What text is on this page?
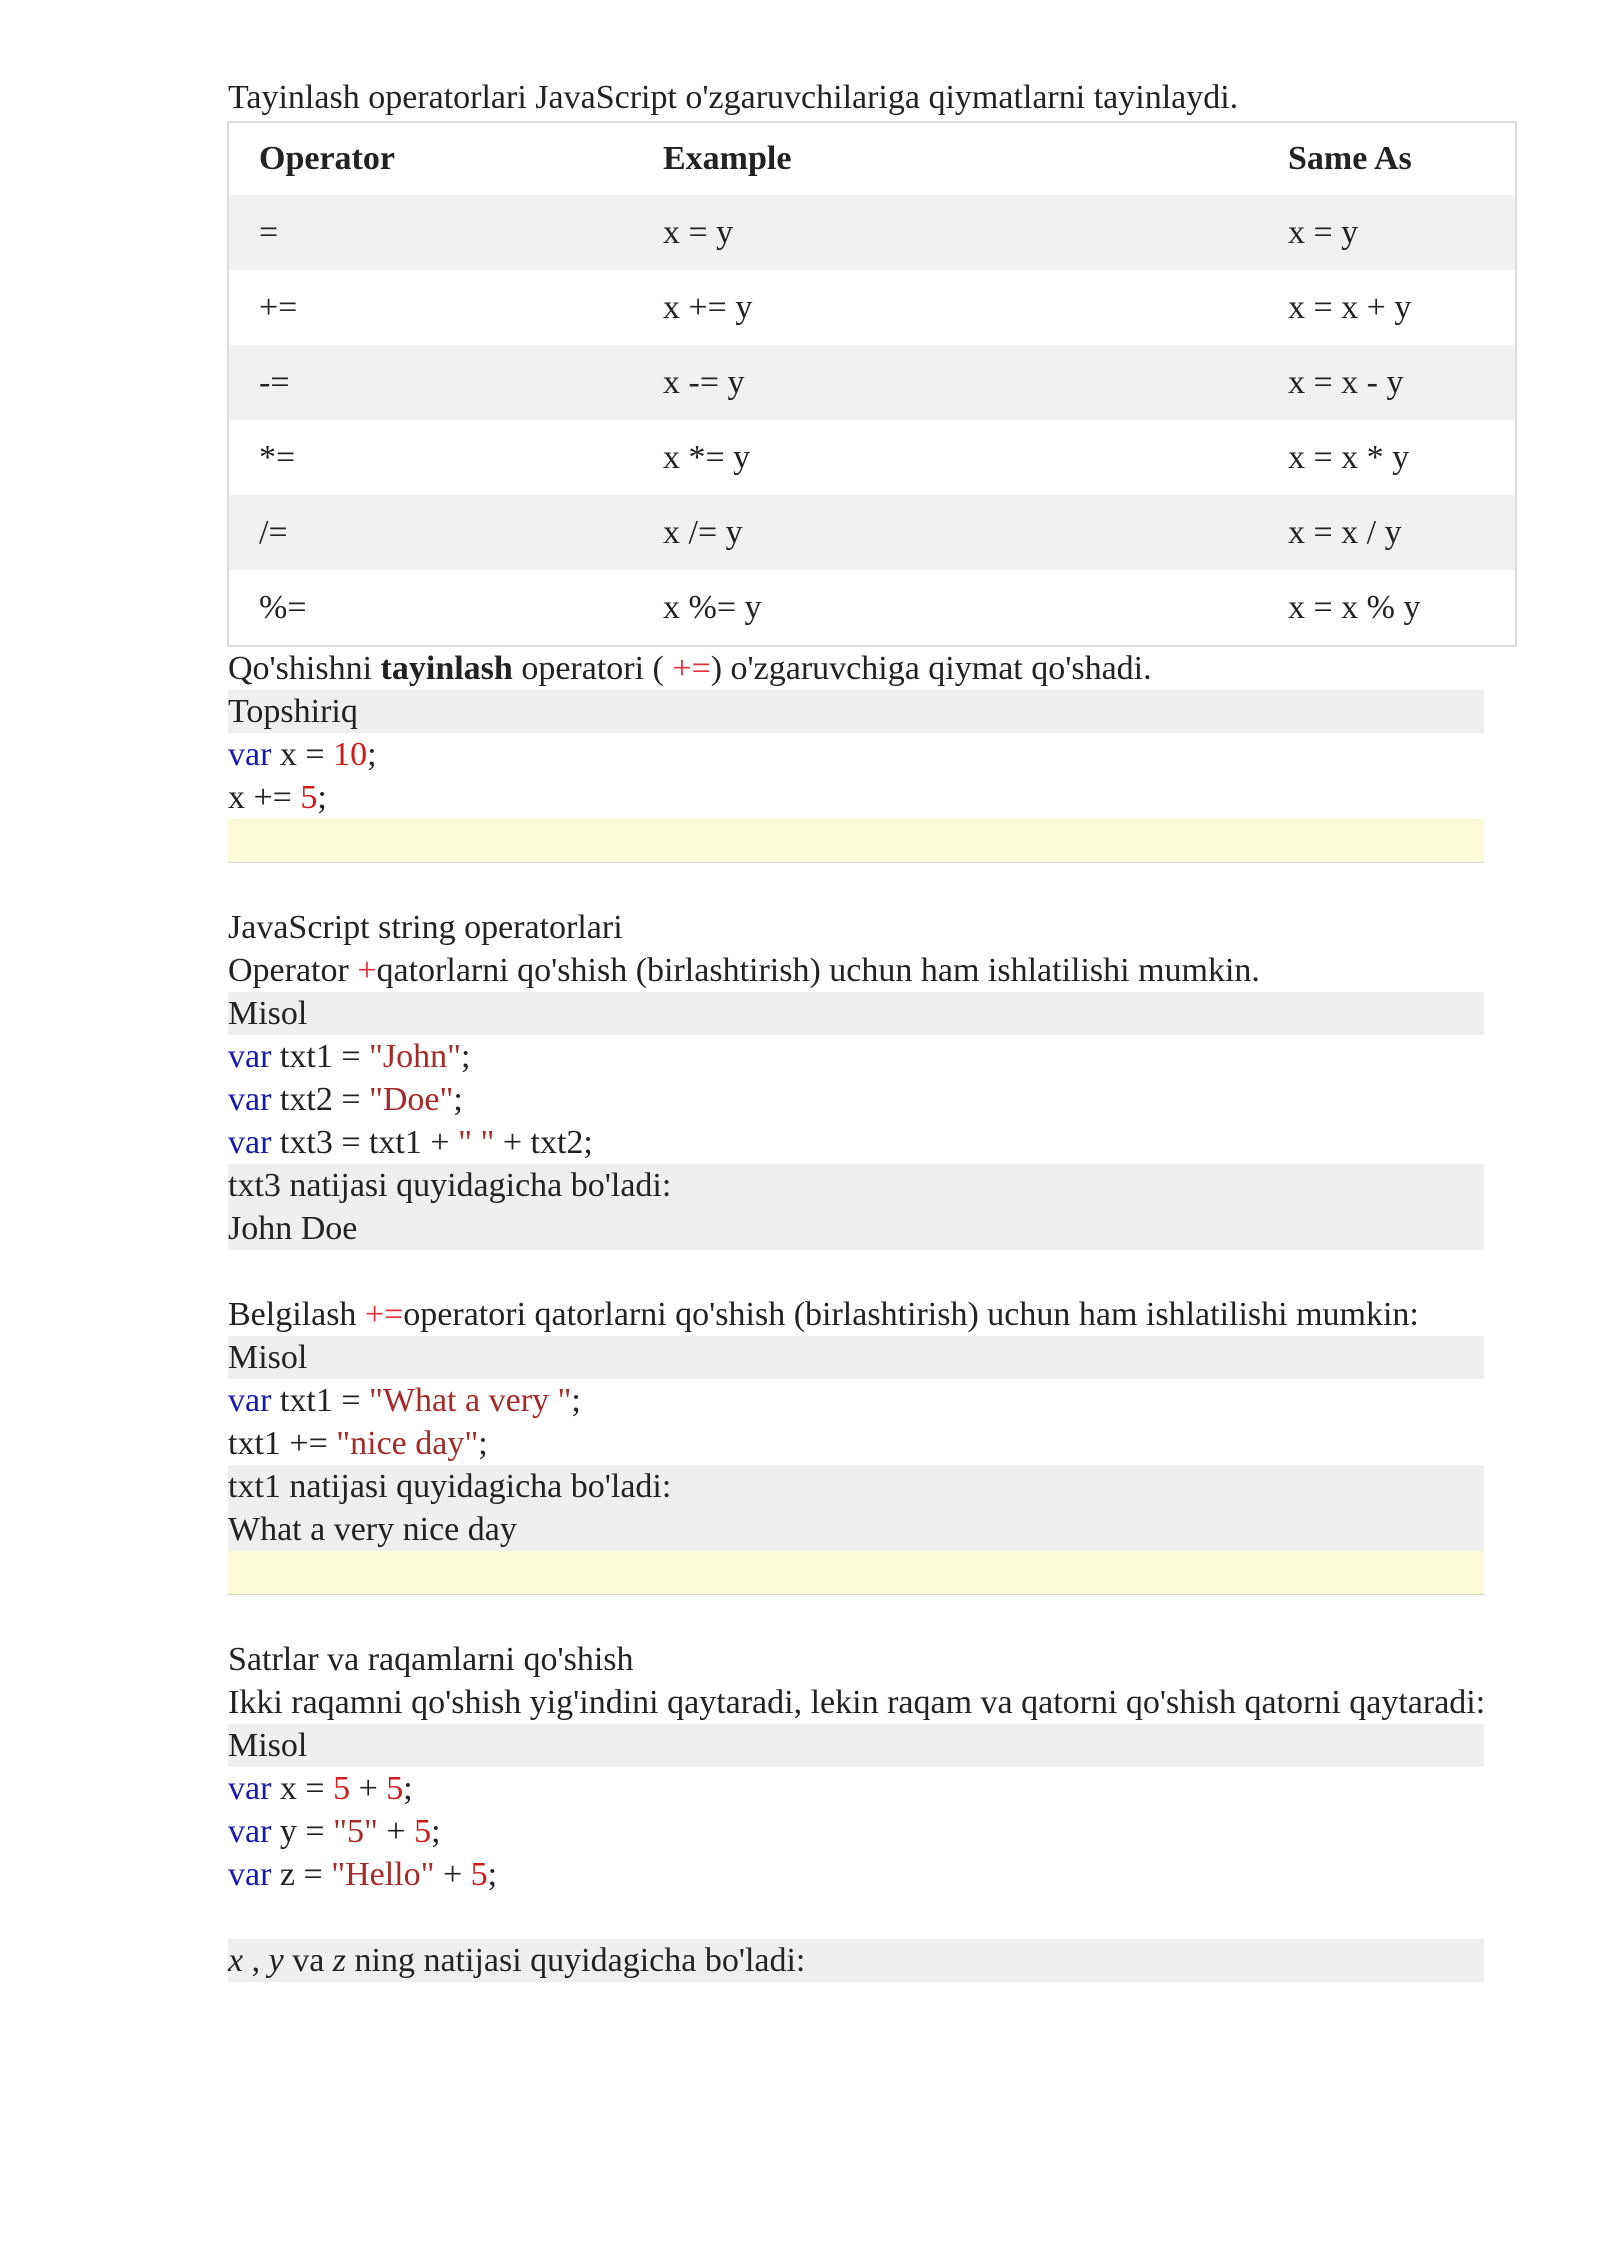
Tayinlash operatorlari JavaScript o'zgaruvchilariga qiymatlarni tayinlaydi.
Operator	Example	Same As
=	x = y	x = y
+=	x += y	x = x + y
-=	x -= y	x = x - y
*=	x *= y	x = x * y
/=	x /= y	x = x / y
%=	x %= y	x = x % y
Qo'shishni tayinlash operatori ( +=) o'zgaruvchiga qiymat qo'shadi.
Topshiriq
var x = 10;
x += 5;
JavaScript string operatorlari
Operator +qatorlarni qo'shish (birlashtirish) uchun ham ishlatilishi mumkin.
Misol
var txt1 = "John";
var txt2 = "Doe";
var txt3 = txt1 + " " + txt2;
txt3 natijasi quyidagicha bo'ladi:
John Doe
Belgilash +=operatori qatorlarni qo'shish (birlashtirish) uchun ham ishlatilishi mumkin:
Misol
var txt1 = "What a very ";
txt1 += "nice day";
txt1 natijasi quyidagicha bo'ladi:
What a very nice day
Satrlar va raqamlarni qo'shish
Ikki raqamni qo'shish yig'indini qaytaradi, lekin raqam va qatorni qo'shish qatorni qaytaradi:
Misol
var x = 5 + 5;
var y = "5" + 5;
var z = "Hello" + 5;
x , y va z ning natijasi quyidagicha bo'ladi:
